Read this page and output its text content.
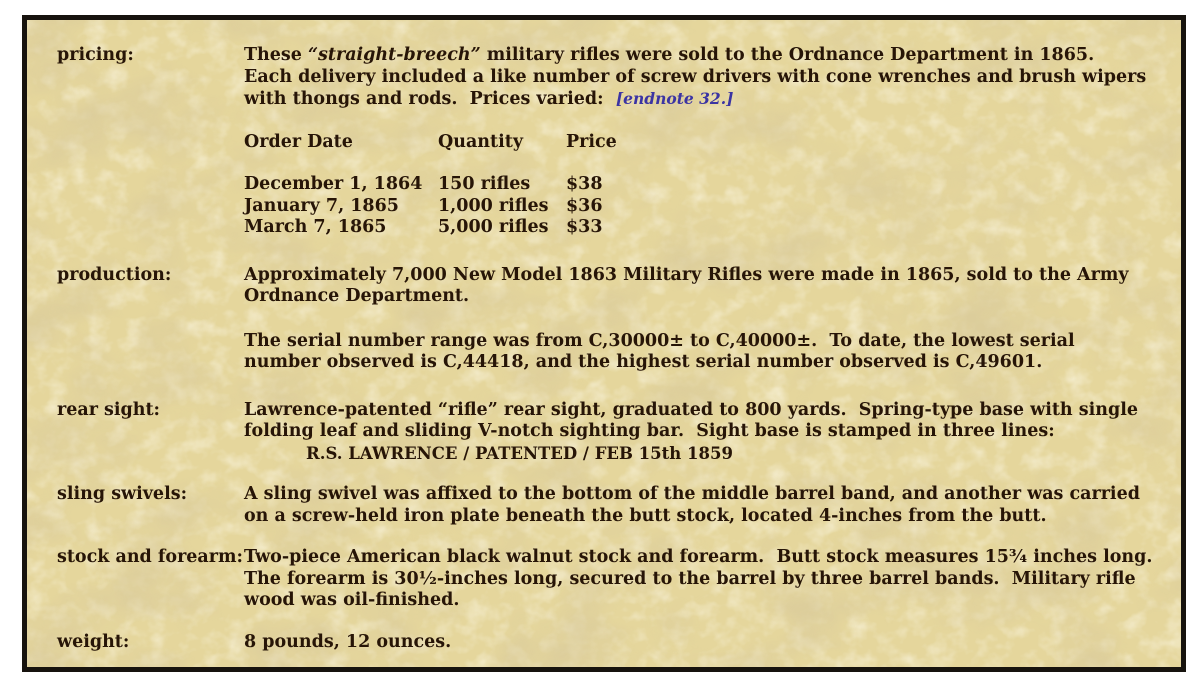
pricing:	These “straight-breech” military rifles were sold to the Ordnance Department in 1865.  Each delivery included a like number of screw drivers with cone wrenches and brush wipers with thongs and rods.  Prices varied:  [endnote 32.]

Order Date	Quantity	Price
December 1, 1864 150 rifles	$38
January 7, 1865	1,000 rifles	$36
March 7, 1865	5,000 rifles	$33
production:	Approximately 7,000 New Model 1863 Military Rifles were made in 1865, sold to the Army Ordnance Department.

The serial number range was from C,30000± to C,40000±.  To date, the lowest serial number observed is C,44418, and the highest serial number observed is C,49601.

rear sight:	Lawrence-patented “rifle” rear sight, graduated to 800 yards.  Spring-type base with single folding leaf and sliding V-notch sighting bar.  Sight base is stamped in three lines:

R.S. LAWRENCE / PATENTED / FEB 15th 1859
sling swivels:	A sling swivel was affixed to the bottom of the middle barrel band, and another was carried on a screw-held iron plate beneath the butt stock, located 4-inches from the butt.

stock and forearm: Two-piece American black walnut stock and forearm.  Butt stock measures 15¾ inches long.  The forearm is 30½-inches long, secured to the barrel by three barrel bands.  Military rifle wood was oil-finished.

weight:	8 pounds, 12 ounces.
